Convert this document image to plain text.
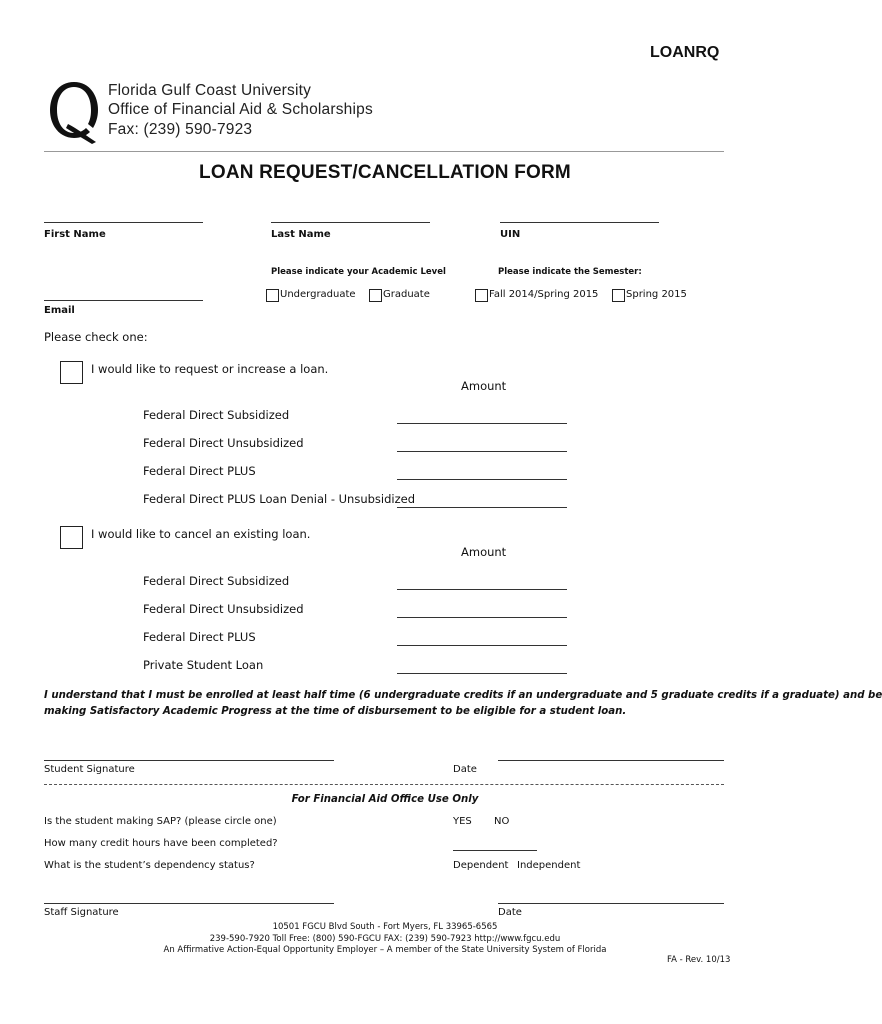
LOANRQ
Florida Gulf Coast University
Office of Financial Aid & Scholarships
Fax: (239) 590-7923
LOAN REQUEST/CANCELLATION FORM
First Name	Last Name	UIN
Please indicate your Academic Level	Please indicate the Semester:
Email
Undergraduate	Graduate	Fall 2014/Spring 2015	Spring 2015
Please check one:
I would like to request or increase a loan.
Amount
Federal Direct Subsidized
Federal Direct Unsubsidized
Federal Direct PLUS
Federal Direct PLUS Loan Denial - Unsubsidized
I would like to cancel an existing loan.
Amount
Federal Direct Subsidized
Federal Direct Unsubsidized
Federal Direct PLUS
Private Student Loan
I understand that I must be enrolled at least half time (6 undergraduate credits if an undergraduate and 5 graduate credits if a graduate) and be
making Satisfactory Academic Progress at the time of disbursement to be eligible for a student loan.
Student Signature	Date
For Financial Aid Office Use Only
Is the student making SAP? (please circle one)	YES NO
How many credit hours have been completed?
What is the student’s dependency status?	Dependent Independent
Staff Signature	Date
10501 FGCU Blvd South - Fort Myers, FL 33965-6565
239-590-7920 Toll Free: (800) 590-FGCU FAX: (239) 590-7923 http://www.fgcu.edu
An Affirmative Action-Equal Opportunity Employer – A member of the State University System of Florida
FA - Rev. 10/13
